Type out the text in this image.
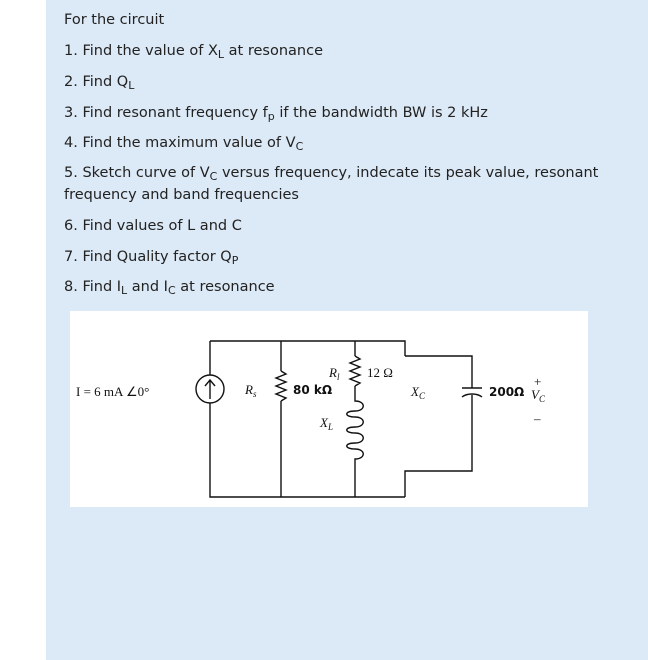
For the circuit
1. Find the value of $X_L$ at resonance
2. Find $Q_L$
3. Find resonant frequency $f_p$ if the bandwidth BW is 2 kHz
4. Find the maximum value of $V_C$
5. Sketch curve of $V_C$ versus frequency, indecate its peak value, resonant
frequency and band frequencies
6. Find values of L and C
7. Find Quality factor $Q_P$
8. Find $I_L$ and $I_C$ at resonance
I = 6 mA ∠0°	$R_s$	80 kΩ
$R_l$ 12 Ω
$X_L$
$X_C$	200Ω
+
$V_C$
–
